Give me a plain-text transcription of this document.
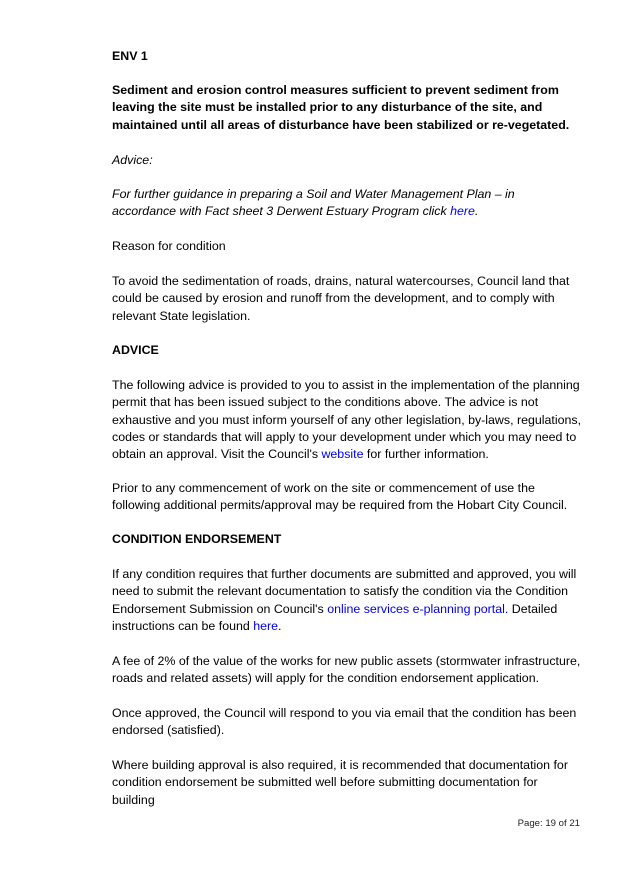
ENV 1

Sediment and erosion control measures sufficient to prevent sediment from leaving the site must be installed prior to any disturbance of the site, and maintained until all areas of disturbance have been stabilized or re-vegetated.

Advice:

For further guidance in preparing a Soil and Water Management Plan – in accordance with Fact sheet 3 Derwent Estuary Program click here.

Reason for condition

To avoid the sedimentation of roads, drains, natural watercourses, Council land that could be caused by erosion and runoff from the development, and to comply with relevant State legislation.

ADVICE

The following advice is provided to you to assist in the implementation of the planning permit that has been issued subject to the conditions above. The advice is not exhaustive and you must inform yourself of any other legislation, by-laws, regulations, codes or standards that will apply to your development under which you may need to obtain an approval. Visit the Council's website for further information.

Prior to any commencement of work on the site or commencement of use the following additional permits/approval may be required from the Hobart City Council.

CONDITION ENDORSEMENT

If any condition requires that further documents are submitted and approved, you will need to submit the relevant documentation to satisfy the condition via the Condition Endorsement Submission on Council's online services e-planning portal. Detailed instructions can be found here.

A fee of 2% of the value of the works for new public assets (stormwater infrastructure, roads and related assets) will apply for the condition endorsement application.

Once approved, the Council will respond to you via email that the condition has been endorsed (satisfied).

Where building approval is also required, it is recommended that documentation for condition endorsement be submitted well before submitting documentation for building

Page: 19 of 21
